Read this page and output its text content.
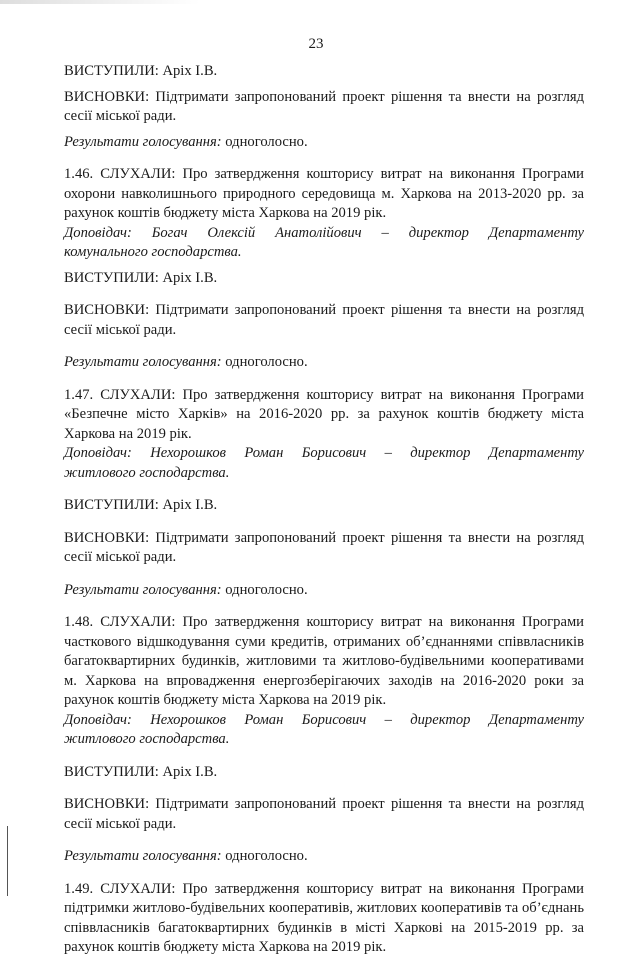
23

ВИСТУПИЛИ: Аріх І.В.

ВИСНОВКИ: Підтримати запропонований проект рішення та внести на розгляд сесії міської ради.

Результати голосування: одноголосно.

1.46. СЛУХАЛИ: Про затвердження кошторису витрат на виконання Програми охорони навколишнього природного середовища м. Харкова на 2013-2020 рр. за рахунок коштів бюджету міста Харкова на 2019 рік.

Доповідач: Богач Олексій Анатолійович – директор Департаменту

комунального господарства.

ВИСТУПИЛИ: Аріх І.В.

ВИСНОВКИ: Підтримати запропонований проект рішення та внести на розгляд сесії міської ради.

Результати голосування: одноголосно.

1.47. СЛУХАЛИ: Про затвердження кошторису витрат на виконання Програми «Безпечне місто Харків» на 2016-2020 рр. за рахунок коштів бюджету міста Харкова на 2019 рік.

Доповідач: Нехорошков Роман Борисович – директор Департаменту

житлового господарства.

ВИСТУПИЛИ: Аріх І.В.

ВИСНОВКИ: Підтримати запропонований проект рішення та внести на розгляд сесії міської ради.

Результати голосування: одноголосно.

1.48. СЛУХАЛИ: Про затвердження кошторису витрат на виконання Програми часткового відшкодування суми кредитів, отриманих об’єднаннями співвласників багатоквартирних будинків, житловими та житлово-будівельними кооперативами м. Харкова на впровадження енергозберігаючих заходів на 2016-2020 роки за рахунок коштів бюджету міста Харкова на 2019 рік.

Доповідач: Нехорошков Роман Борисович – директор Департаменту

житлового господарства.

ВИСТУПИЛИ: Аріх І.В.

ВИСНОВКИ: Підтримати запропонований проект рішення та внести на розгляд сесії міської ради.

Результати голосування: одноголосно.

1.49. СЛУХАЛИ: Про затвердження кошторису витрат на виконання Програми підтримки житлово-будівельних кооперативів, житлових кооперативів та об’єднань співвласників багатоквартирних будинків в місті Харкові на 2015-2019 рр. за рахунок коштів бюджету міста Харкова на 2019 рік.
